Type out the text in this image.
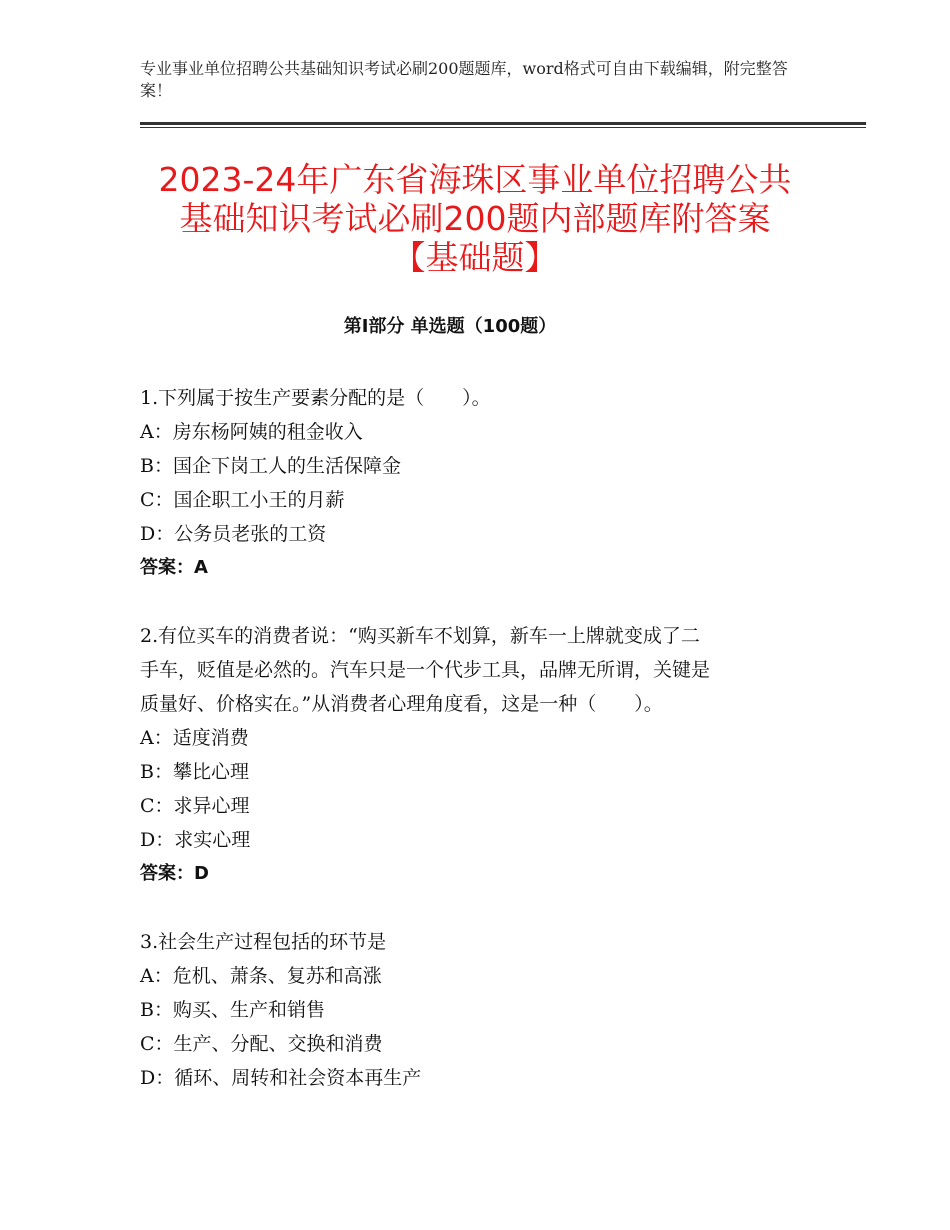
专业事业单位招聘公共基础知识考试必刷200题题库，word格式可自由下载编辑，附完整答案！
2023-24年广东省海珠区事业单位招聘公共
基础知识考试必刷200题内部题库附答案
【基础题】
第Ⅰ部分 单选题（100题）
1.下列属于按生产要素分配的是（　　）。
A：房东杨阿姨的租金收入
B：国企下岗工人的生活保障金
C：国企职工小王的月薪
D：公务员老张的工资
答案：A
2.有位买车的消费者说：“购买新车不划算，新车一上牌就变成了二
手车，贬值是必然的。汽车只是一个代步工具，品牌无所谓，关键是
质量好、价格实在。”从消费者心理角度看，这是一种（　　）。
A：适度消费
B：攀比心理
C：求异心理
D：求实心理
答案：D
3.社会生产过程包括的环节是
A：危机、萧条、复苏和高涨
B：购买、生产和销售
C：生产、分配、交换和消费
D：循环、周转和社会资本再生产
